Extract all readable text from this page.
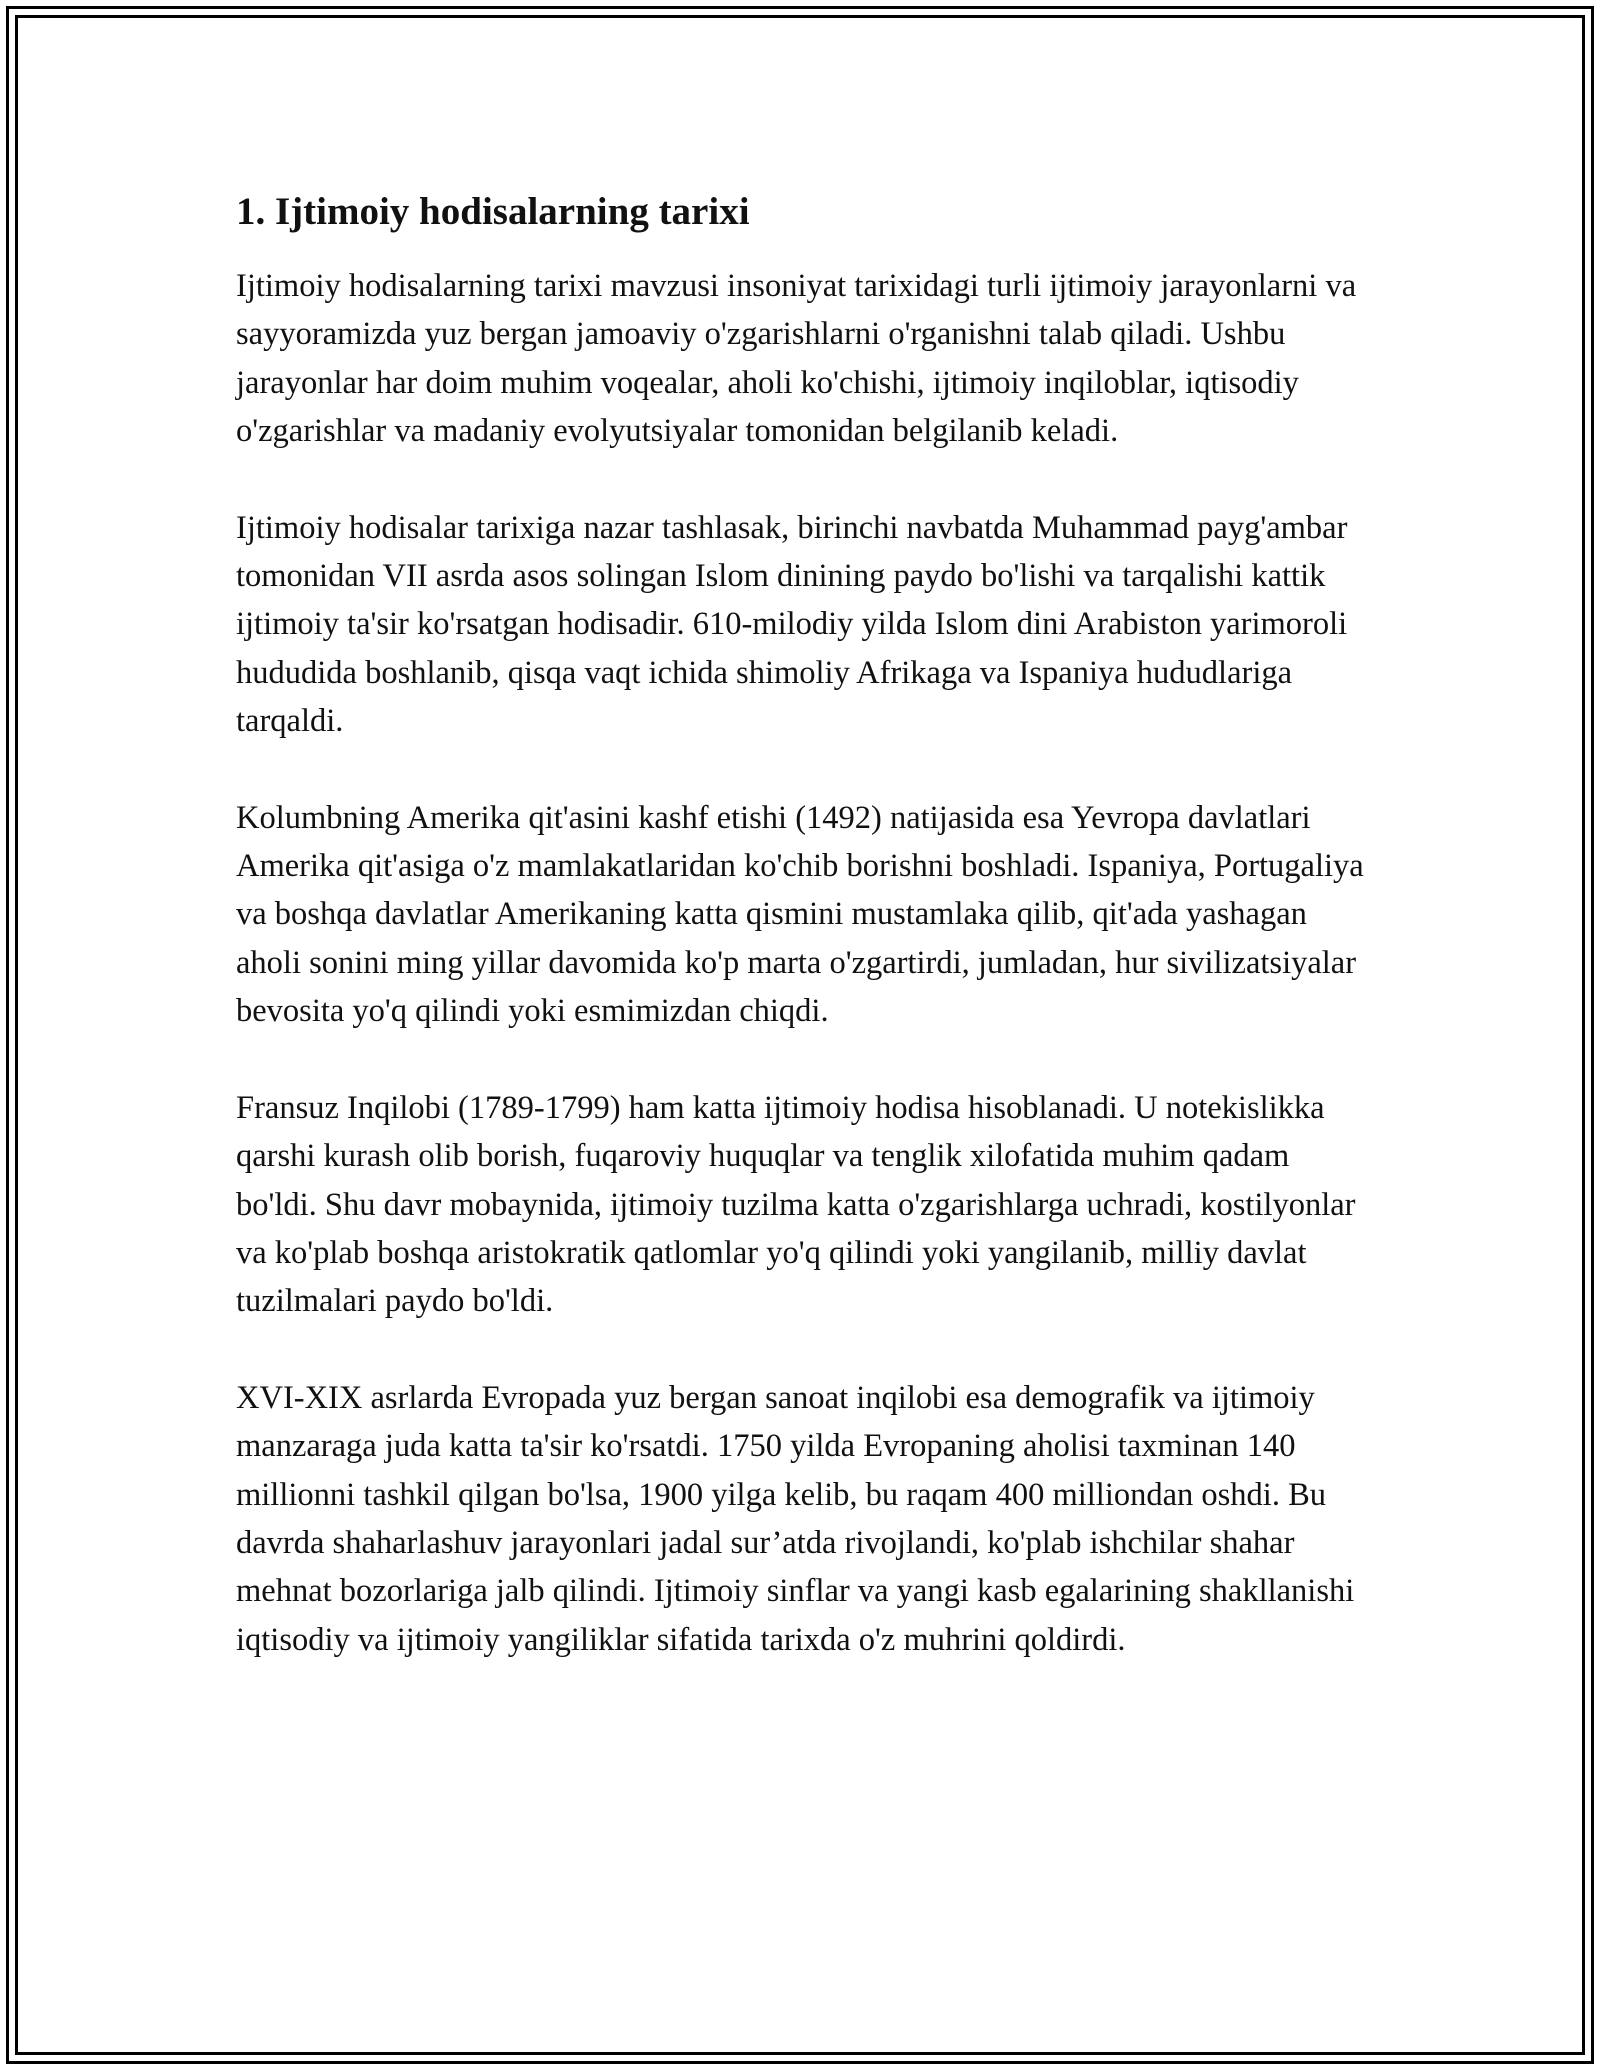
1. Ijtimoiy hodisalarning tarixi

Ijtimoiy hodisalarning tarixi mavzusi insoniyat tarixidagi turli ijtimoiy jarayonlarni va sayyoramizda yuz bergan jamoaviy o'zgarishlarni o'rganishni talab qiladi. Ushbu jarayonlar har doim muhim voqealar, aholi ko'chishi, ijtimoiy inqiloblar, iqtisodiy o'zgarishlar va madaniy evolyutsiyalar tomonidan belgilanib keladi.

Ijtimoiy hodisalar tarixiga nazar tashlasak, birinchi navbatda Muhammad payg'ambar tomonidan VII asrda asos solingan Islom dinining paydo bo'lishi va tarqalishi kattik ijtimoiy ta'sir ko'rsatgan hodisadir. 610-milodiy yilda Islom dini Arabiston yarimoroli hududida boshlanib, qisqa vaqt ichida shimoliy Afrikaga va Ispaniya hududlariga tarqaldi.

Kolumbning Amerika qit'asini kashf etishi (1492) natijasida esa Yevropa davlatlari Amerika qit'asiga o'z mamlakatlaridan ko'chib borishni boshladi. Ispaniya, Portugaliya va boshqa davlatlar Amerikaning katta qismini mustamlaka qilib, qit'ada yashagan aholi sonini ming yillar davomida ko'p marta o'zgartirdi, jumladan, hur sivilizatsiyalar bevosita yo'q qilindi yoki esmimizdan chiqdi.

Fransuz Inqilobi (1789-1799) ham katta ijtimoiy hodisa hisoblanadi. U notekislikka qarshi kurash olib borish, fuqaroviy huquqlar va tenglik xilofatida muhim qadam bo'ldi. Shu davr mobaynida, ijtimoiy tuzilma katta o'zgarishlarga uchradi, kostilyonlar va ko'plab boshqa aristokratik qatlomlar yo'q qilindi yoki yangilanib, milliy davlat tuzilmalari paydo bo'ldi.

XVI-XIX asrlarda Evropada yuz bergan sanoat inqilobi esa demografik va ijtimoiy manzaraga juda katta ta'sir ko'rsatdi. 1750 yilda Evropaning aholisi taxminan 140 millionni tashkil qilgan bo'lsa, 1900 yilga kelib, bu raqam 400 milliondan oshdi. Bu davrda shaharlashuv jarayonlari jadal sur’atda rivojlandi, ko'plab ishchilar shahar mehnat bozorlariga jalb qilindi. Ijtimoiy sinflar va yangi kasb egalarining shakllanishi iqtisodiy va ijtimoiy yangiliklar sifatida tarixda o'z muhrini qoldirdi.
